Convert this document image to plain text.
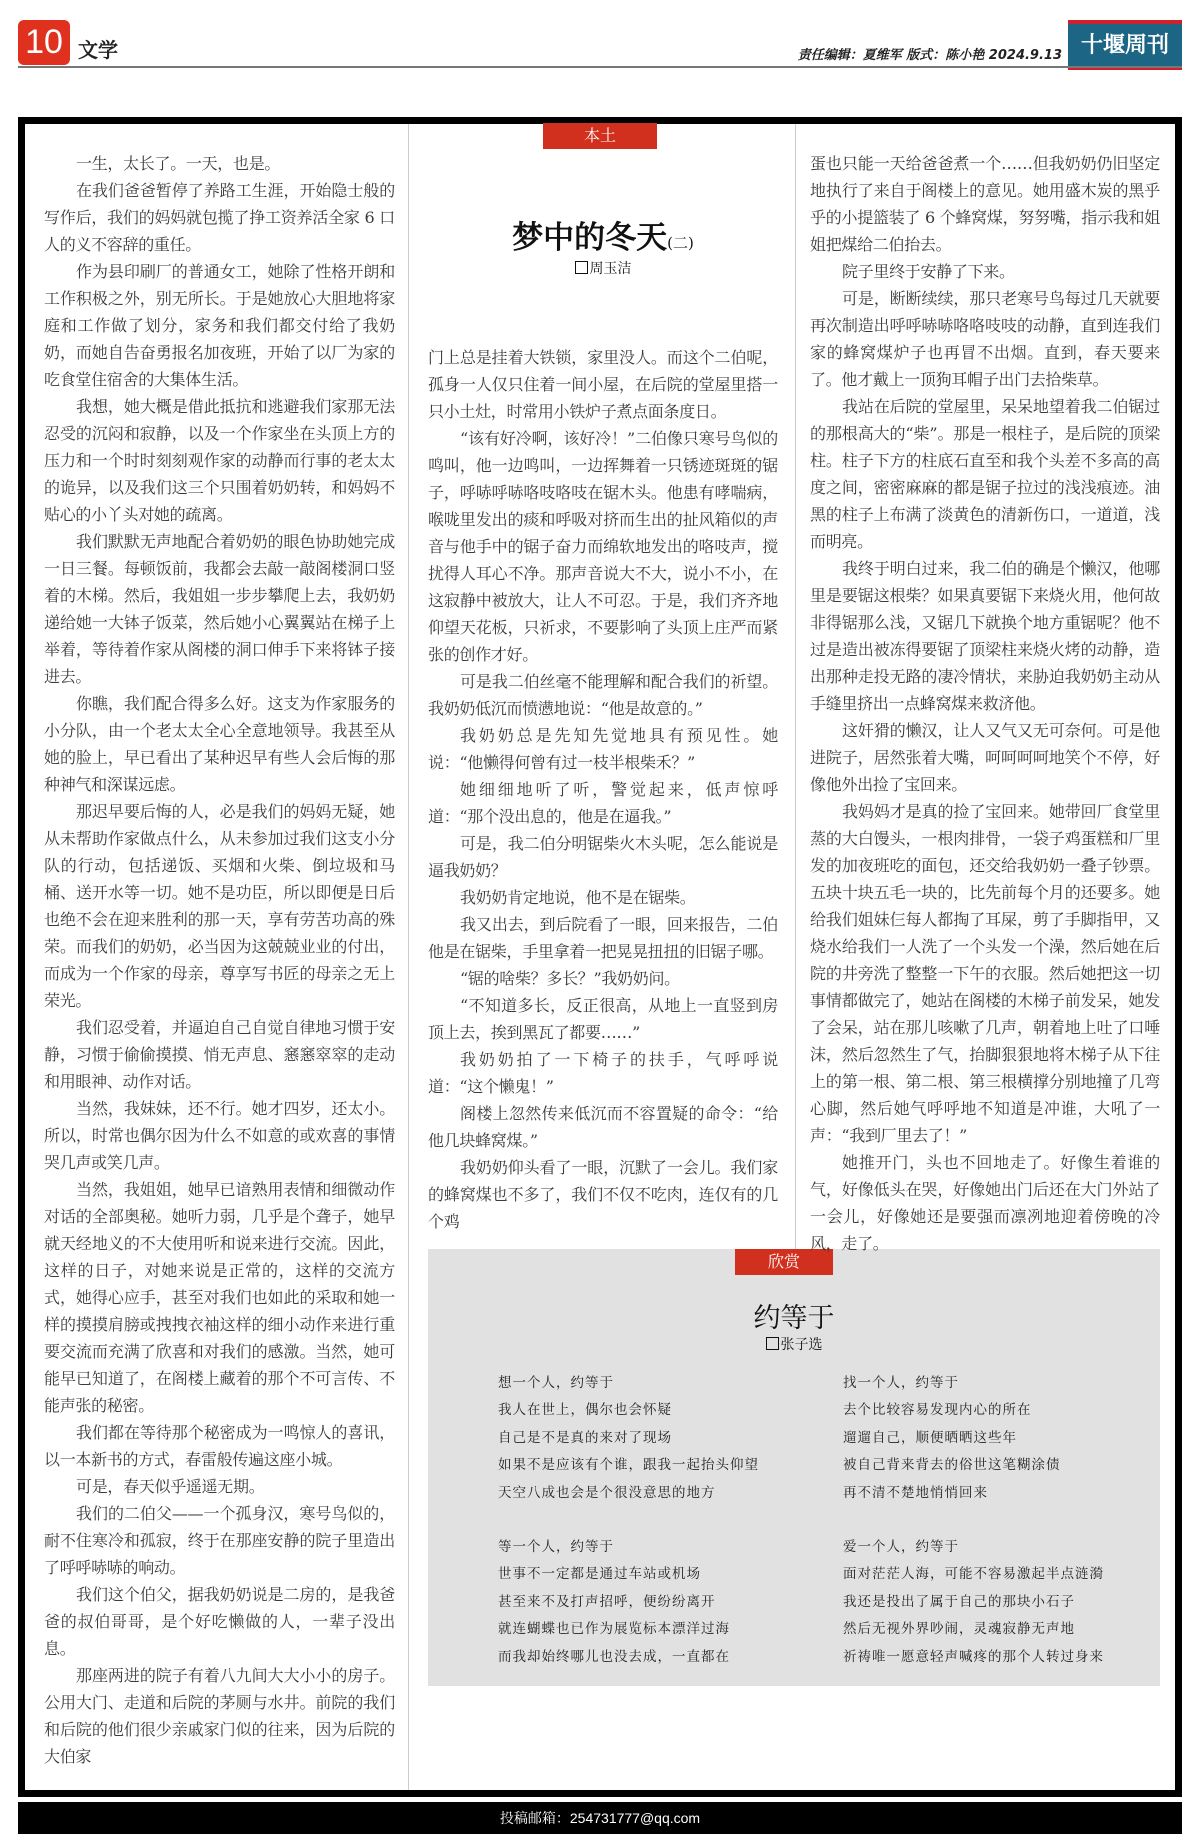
10 文学	责任编辑：夏维军 版式：陈小艳 2024.9.13 十堰周刊

一生，太长了。一天，也是。

在我们爸爸暂停了养路工生涯，开始隐士般的写作后，我们的妈妈就包揽了挣工资养活全家 6 口人的义不容辞的重任。

作为县印刷厂的普通女工，她除了性格开朗和工作积极之外，别无所长。于是她放心大胆地将家庭和工作做了划分，家务和我们都交付给了我奶奶，而她自告奋勇报名加夜班，开始了以厂为家的吃食堂住宿舍的大集体生活。

我想，她大概是借此抵抗和逃避我们家那无法忍受的沉闷和寂静，以及一个作家坐在头顶上方的压力和一个时时刻刻观作家的动静而行事的老太太的诡异，以及我们这三个只围着奶奶转，和妈妈不贴心的小丫头对她的疏离。

我们默默无声地配合着奶奶的眼色协助她完成一日三餐。每顿饭前，我都会去敲一敲阁楼洞口竖着的木梯。然后，我姐姐一步步攀爬上去，我奶奶递给她一大钵子饭菜，然后她小心翼翼站在梯子上举着，等待着作家从阁楼的洞口伸手下来将钵子接进去。

你瞧，我们配合得多么好。这支为作家服务的小分队，由一个老太太全心全意地领导。我甚至从她的脸上，早已看出了某种迟早有些人会后悔的那种神气和深谋远虑。

那迟早要后悔的人，必是我们的妈妈无疑，她从未帮助作家做点什么，从未参加过我们这支小分队的行动，包括递饭、买烟和火柴、倒垃圾和马桶、送开水等一切。她不是功臣，所以即便是日后也绝不会在迎来胜利的那一天，享有劳苦功高的殊荣。而我们的奶奶，必当因为这兢兢业业的付出，而成为一个作家的母亲，尊享写书匠的母亲之无上荣光。

我们忍受着，并逼迫自己自觉自律地习惯于安静，习惯于偷偷摸摸、悄无声息、窸窸窣窣的走动和用眼神、动作对话。

当然，我妹妹，还不行。她才四岁，还太小。所以，时常也偶尔因为什么不如意的或欢喜的事情哭几声或笑几声。

当然，我姐姐，她早已谙熟用表情和细微动作对话的全部奥秘。她听力弱，几乎是个聋子，她早就天经地义的不大使用听和说来进行交流。因此，这样的日子，对她来说是正常的，这样的交流方式，她得心应手，甚至对我们也如此的采取和她一样的摸摸肩膀或拽拽衣袖这样的细小动作来进行重要交流而充满了欣喜和对我们的感激。当然，她可能早已知道了，在阁楼上藏着的那个不可言传、不能声张的秘密。

我们都在等待那个秘密成为一鸣惊人的喜讯，以一本新书的方式，春雷般传遍这座小城。

可是，春天似乎遥遥无期。

我们的二伯父——一个孤身汉，寒号鸟似的，耐不住寒冷和孤寂，终于在那座安静的院子里造出了呼呼哧哧的响动。

我们这个伯父，据我奶奶说是二房的，是我爸爸的叔伯哥哥，是个好吃懒做的人，一辈子没出息。

那座两进的院子有着八九间大大小小的房子。公用大门、走道和后院的茅厕与水井。前院的我们和后院的他们很少亲戚家门似的往来，因为后院的大伯家

本土
梦中的冬天(二)
周玉洁

门上总是挂着大铁锁，家里没人。而这个二伯呢，孤身一人仅只住着一间小屋，在后院的堂屋里搭一只小土灶，时常用小铁炉子煮点面条度日。

“该有好冷啊，该好冷！”二伯像只寒号鸟似的鸣叫，他一边鸣叫，一边挥舞着一只锈迹斑斑的锯子，呼哧呼哧咯吱咯吱在锯木头。他患有哮喘病，喉咙里发出的痰和呼吸对挤而生出的扯风箱似的声音与他手中的锯子奋力而绵软地发出的咯吱声，搅扰得人耳心不净。那声音说大不大，说小不小，在这寂静中被放大，让人不可忍。于是，我们齐齐地仰望天花板，只祈求，不要影响了头顶上庄严而紧张的创作才好。

可是我二伯丝毫不能理解和配合我们的祈望。我奶奶低沉而愤懑地说：“他是故意的。”

我奶奶总是先知先觉地具有预见性。她说：“他懒得何曾有过一枝半根柴禾？”

她细细地听了听，警觉起来，低声惊呼道：“那个没出息的，他是在逼我。”

可是，我二伯分明锯柴火木头呢，怎么能说是逼我奶奶？

我奶奶肯定地说，他不是在锯柴。

我又出去，到后院看了一眼，回来报告，二伯他是在锯柴，手里拿着一把晃晃扭扭的旧锯子哪。

“锯的啥柴？多长？”我奶奶问。

“不知道多长，反正很高，从地上一直竖到房顶上去，挨到黑瓦了都要……”

我奶奶拍了一下椅子的扶手，气呼呼说道：“这个懒鬼！”

阁楼上忽然传来低沉而不容置疑的命令：“给他几块蜂窝煤。”

我奶奶仰头看了一眼，沉默了一会儿。我们家的蜂窝煤也不多了，我们不仅不吃肉，连仅有的几个鸡

蛋也只能一天给爸爸煮一个……但我奶奶仍旧坚定地执行了来自于阁楼上的意见。她用盛木炭的黑乎乎的小提篮装了 6 个蜂窝煤，努努嘴，指示我和姐姐把煤给二伯抬去。

院子里终于安静了下来。

可是，断断续续，那只老寒号鸟每过几天就要再次制造出呼呼哧哧咯咯吱吱的动静，直到连我们家的蜂窝煤炉子也再冒不出烟。直到，春天要来了。他才戴上一顶狗耳帽子出门去拾柴草。

我站在后院的堂屋里，呆呆地望着我二伯锯过的那根高大的“柴”。那是一根柱子，是后院的顶梁柱。柱子下方的柱底石直至和我个头差不多高的高度之间，密密麻麻的都是锯子拉过的浅浅痕迹。油黑的柱子上布满了淡黄色的清新伤口，一道道，浅而明亮。

我终于明白过来，我二伯的确是个懒汉，他哪里是要锯这根柴？如果真要锯下来烧火用，他何故非得锯那么浅，又锯几下就换个地方重锯呢？他不过是造出被冻得要锯了顶梁柱来烧火烤的动静，造出那种走投无路的凄冷情状，来胁迫我奶奶主动从手缝里挤出一点蜂窝煤来救济他。

这奸猾的懒汉，让人又气又无可奈何。可是他进院子，居然张着大嘴，呵呵呵呵地笑个不停，好像他外出捡了宝回来。

我妈妈才是真的捡了宝回来。她带回厂食堂里蒸的大白馒头，一根肉排骨，一袋子鸡蛋糕和厂里发的加夜班吃的面包，还交给我奶奶一叠子钞票。五块十块五毛一块的，比先前每个月的还要多。她给我们姐妹仨每人都掏了耳屎，剪了手脚指甲，又烧水给我们一人洗了一个头发一个澡，然后她在后院的井旁洗了整整一下午的衣服。然后她把这一切事情都做完了，她站在阁楼的木梯子前发呆，她发了会呆，站在那儿咳嗽了几声，朝着地上吐了口唾沫，然后忽然生了气，抬脚狠狠地将木梯子从下往上的第一根、第二根、第三根横撑分别地撞了几弯心脚，然后她气呼呼地不知道是冲谁，大吼了一声：“我到厂里去了！”

她推开门，头也不回地走了。好像生着谁的气，好像低头在哭，好像她出门后还在大门外站了一会儿，好像她还是要强而凛冽地迎着傍晚的冷风，走了。

欣赏
约等于
张子选
想一个人，约等于
我人在世上，偶尔也会怀疑
自己是不是真的来对了现场
如果不是应该有个谁，跟我一起抬头仰望
天空八成也会是个很没意思的地方
等一个人，约等于
世事不一定都是通过车站或机场
甚至来不及打声招呼，便纷纷离开
就连蝴蝶也已作为展览标本漂洋过海
而我却始终哪儿也没去成，一直都在
找一个人，约等于
去个比较容易发现内心的所在
遛遛自己，顺便晒晒这些年
被自己背来背去的俗世这笔糊涂债
再不清不楚地悄悄回来
爱一个人，约等于
面对茫茫人海，可能不容易激起半点涟漪
我还是投出了属于自己的那块小石子
然后无视外界吵闹，灵魂寂静无声地
祈祷唯一愿意轻声喊疼的那个人转过身来
投稿邮箱：254731777@qq.com
